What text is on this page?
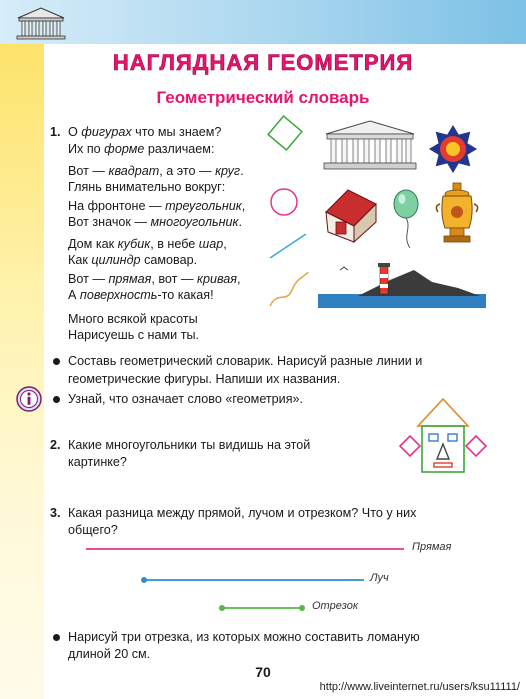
НАГЛЯДНАЯ ГЕОМЕТРИЯ
Геометрический словарь
1. О фигурах что мы знаем?
Их по форме различаем:
Вот — квадрат, а это — круг.
Глянь внимательно вокруг:
На фронтоне — треугольник,
Вот значок — многоугольник.
Дом как кубик, в небе шар,
Как цилиндр самовар.
Вот — прямая, вот — кривая,
А поверхность-то какая!
Много всякой красоты
Нарисуешь с нами ты.
Составь геометрический словарик. Нарисуй разные линии и
геометрические фигуры. Напиши их названия.
Узнай, что означает слово «геометрия».
2. Какие многоугольники ты видишь на этой
картинке?
3. Какая разница между прямой, лучом и отрезком? Что у них
общего?
Прямая
Луч
Отрезок
Нарисуй три отрезка, из которых можно составить ломаную
длиной 20 см.
70
http://www.liveinternet.ru/users/ksu11111/
